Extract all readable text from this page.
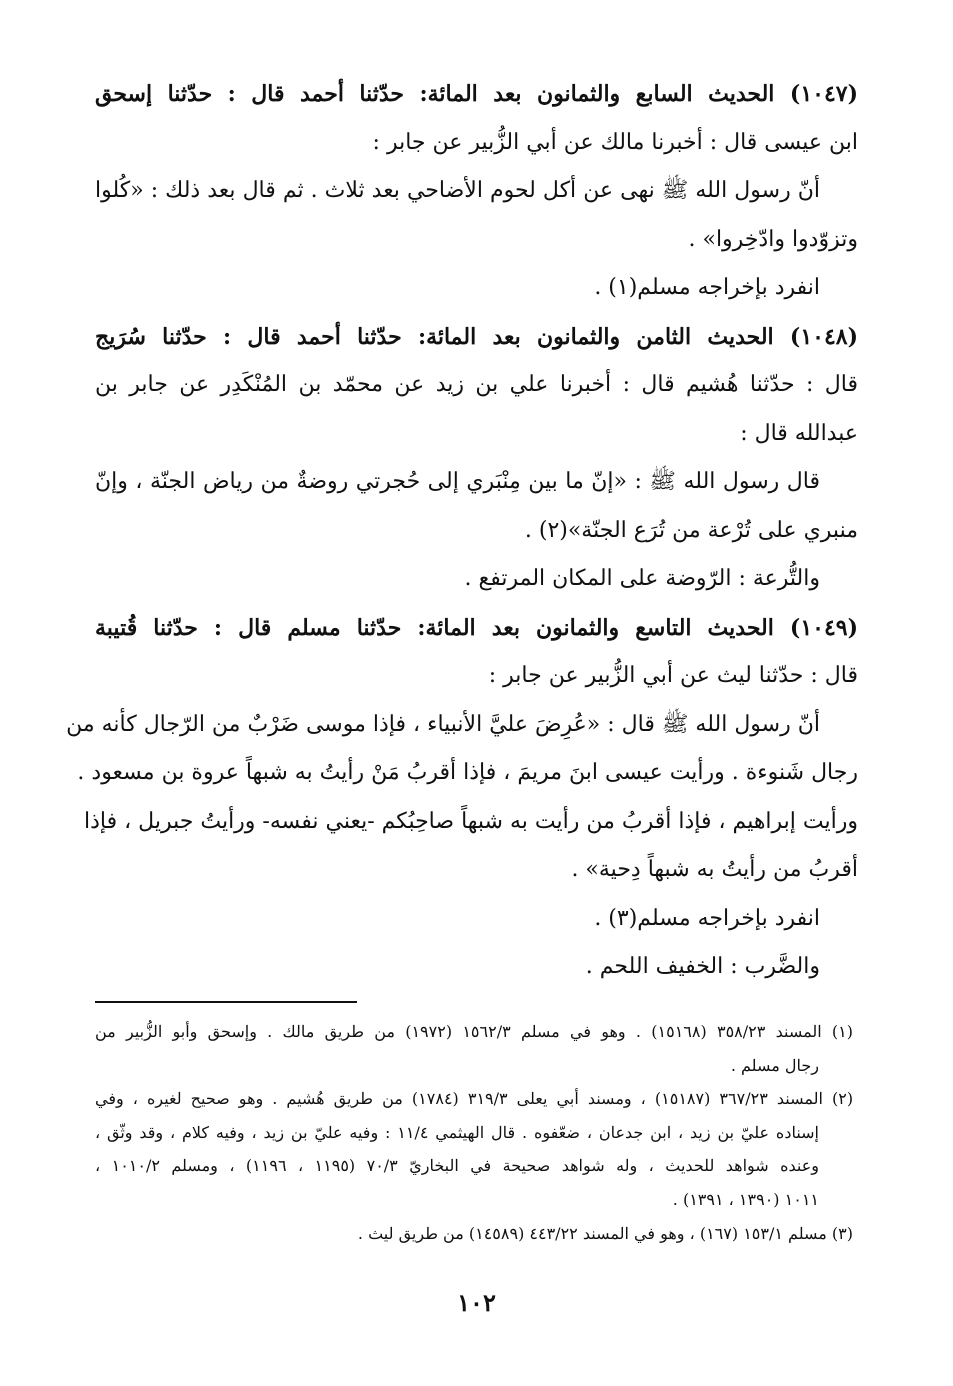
(١٠٤٧) الحديث السابع والثمانون بعد المائة: حدّثنا أحمد قال : حدّثنا إسحق
ابن عيسى قال : أخبرنا مالك عن أبي الزُّبير عن جابر :
أنّ رسول الله ﷺ نهى عن أكل لحوم الأضاحي بعد ثلاث . ثم قال بعد ذلك : «كُلوا
وتزوّدوا وادّخِروا» .
انفرد بإخراجه مسلم(١) .
(١٠٤٨) الحديث الثامن والثمانون بعد المائة: حدّثنا أحمد قال : حدّثنا سُرَيج
قال : حدّثنا هُشيم قال : أخبرنا علي بن زيد عن محمّد بن المُنْكَدِر عن جابر بن
عبدالله قال :
قال رسول الله ﷺ : «إنّ ما بين مِنْبَري إلى حُجرتي روضةٌ من رياض الجنّة ، وإنّ
منبري على تُرْعة من تُرَع الجنّة»(٢) .
والتُّرعة : الرّوضة على المكان المرتفع .
(١٠٤٩) الحديث التاسع والثمانون بعد المائة: حدّثنا مسلم قال : حدّثنا قُتيبة
قال : حدّثنا ليث عن أبي الزُّبير عن جابر :
أنّ رسول الله ﷺ قال : «عُرِضَ عليَّ الأنبياء ، فإذا موسى ضَرْبٌ من الرّجال كأنه من
رجال شَنوءة . ورأيت عيسى ابنَ مريمَ ، فإذا أقربُ مَنْ رأيتُ به شبهاً عروة بن مسعود .
ورأيت إبراهيم ، فإذا أقربُ من رأيت به شبهاً صاحِبُكم -يعني نفسه- ورأيتُ جبريل ، فإذا
أقربُ من رأيتُ به شبهاً دِحية» .
انفرد بإخراجه مسلم(٣) .
والضَّرب : الخفيف اللحم .
(١) المسند ٣٥٨/٢٣ (١٥١٦٨) . وهو في مسلم ١٥٦٢/٣ (١٩٧٢) من طريق مالك . وإسحق وأبو الزُّبير من
رجال مسلم .
(٢) المسند ٣٦٧/٢٣ (١٥١٨٧) ، ومسند أبي يعلى ٣١٩/٣ (١٧٨٤) من طريق هُشيم . وهو صحيح لغيره ، وفي
إسناده عليّ بن زيد ، ابن جدعان ، ضعّفوه . قال الهيثمي ١١/٤ : وفيه عليّ بن زيد ، وفيه كلام ، وقد وثّق ،
وعنده شواهد للحديث ، وله شواهد صحيحة في البخاريّ ٧٠/٣ (١١٩٥ ، ١١٩٦) ، ومسلم ١٠١٠/٢ ،
١٠١١ (١٣٩٠ ، ١٣٩١) .
(٣) مسلم ١٥٣/١ (١٦٧) ، وهو في المسند ٤٤٣/٢٢ (١٤٥٨٩) من طريق ليث .
١٠٢
